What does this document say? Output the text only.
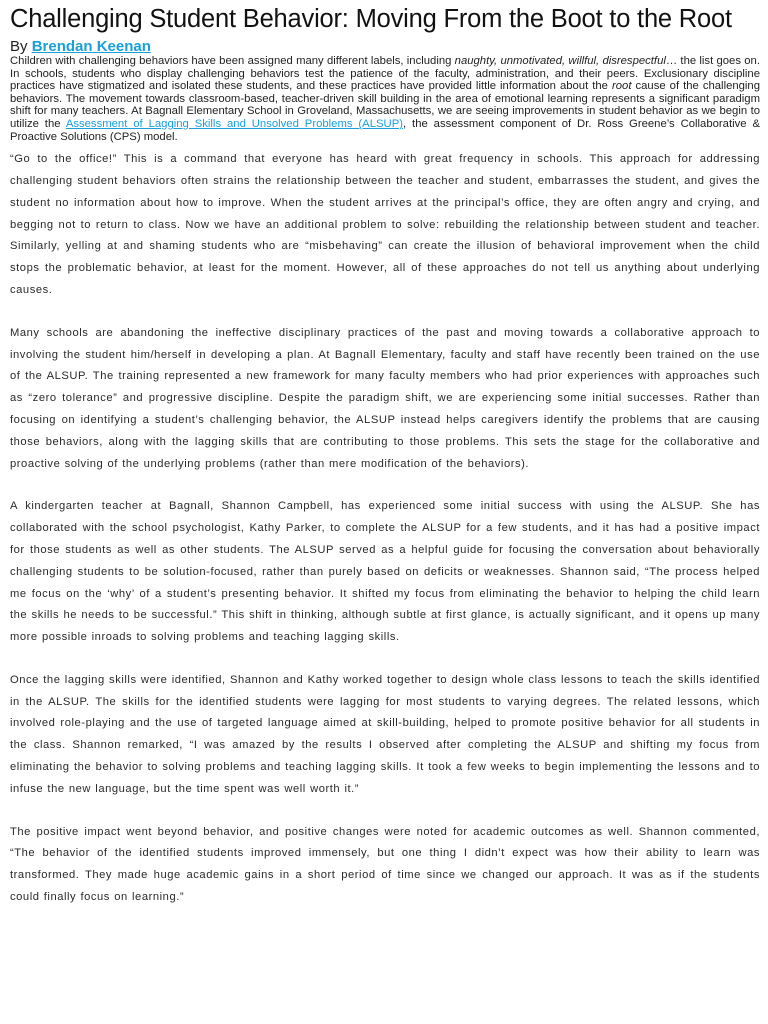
Challenging Student Behavior: Moving From the Boot to the Root
By Brendan Keenan
Children with challenging behaviors have been assigned many different labels, including naughty, unmotivated, willful, disrespectful… the list goes on. In schools, students who display challenging behaviors test the patience of the faculty, administration, and their peers. Exclusionary discipline practices have stigmatized and isolated these students, and these practices have provided little information about the root cause of the challenging behaviors. The movement towards classroom-based, teacher-driven skill building in the area of emotional learning represents a significant paradigm shift for many teachers. At Bagnall Elementary School in Groveland, Massachusetts, we are seeing improvements in student behavior as we begin to utilize the Assessment of Lagging Skills and Unsolved Problems (ALSUP), the assessment component of Dr. Ross Greene’s Collaborative & Proactive Solutions (CPS) model.

“Go to the office!” This is a command that everyone has heard with great frequency in schools. This approach for addressing challenging student behaviors often strains the relationship between the teacher and student, embarrasses the student, and gives the student no information about how to improve. When the student arrives at the principal’s office, they are often angry and crying, and begging not to return to class. Now we have an additional problem to solve: rebuilding the relationship between student and teacher. Similarly, yelling at and shaming students who are “misbehaving” can create the illusion of behavioral improvement when the child stops the problematic behavior, at least for the moment. However, all of these approaches do not tell us anything about underlying causes.

Many schools are abandoning the ineffective disciplinary practices of the past and moving towards a collaborative approach to involving the student him/herself in developing a plan. At Bagnall Elementary, faculty and staff have recently been trained on the use of the ALSUP. The training represented a new framework for many faculty members who had prior experiences with approaches such as “zero tolerance” and progressive discipline. Despite the paradigm shift, we are experiencing some initial successes. Rather than focusing on identifying a student’s challenging behavior, the ALSUP instead helps caregivers identify the problems that are causing those behaviors, along with the lagging skills that are contributing to those problems. This sets the stage for the collaborative and proactive solving of the underlying problems (rather than mere modification of the behaviors).

A kindergarten teacher at Bagnall, Shannon Campbell, has experienced some initial success with using the ALSUP. She has collaborated with the school psychologist, Kathy Parker, to complete the ALSUP for a few students, and it has had a positive impact for those students as well as other students. The ALSUP served as a helpful guide for focusing the conversation about behaviorally challenging students to be solution-focused, rather than purely based on deficits or weaknesses. Shannon said, “The process helped me focus on the ‘why’ of a student’s presenting behavior. It shifted my focus from eliminating the behavior to helping the child learn the skills he needs to be successful.” This shift in thinking, although subtle at first glance, is actually significant, and it opens up many more possible inroads to solving problems and teaching lagging skills.

Once the lagging skills were identified, Shannon and Kathy worked together to design whole class lessons to teach the skills identified in the ALSUP. The skills for the identified students were lagging for most students to varying degrees. The related lessons, which involved role-playing and the use of targeted language aimed at skill-building, helped to promote positive behavior for all students in the class. Shannon remarked, “I was amazed by the results I observed after completing the ALSUP and shifting my focus from eliminating the behavior to solving problems and teaching lagging skills. It took a few weeks to begin implementing the lessons and to infuse the new language, but the time spent was well worth it.”

The positive impact went beyond behavior, and positive changes were noted for academic outcomes as well. Shannon commented, “The behavior of the identified students improved immensely, but one thing I didn’t expect was how their ability to learn was transformed. They made huge academic gains in a short period of time since we changed our approach. It was as if the students could finally focus on learning.”
